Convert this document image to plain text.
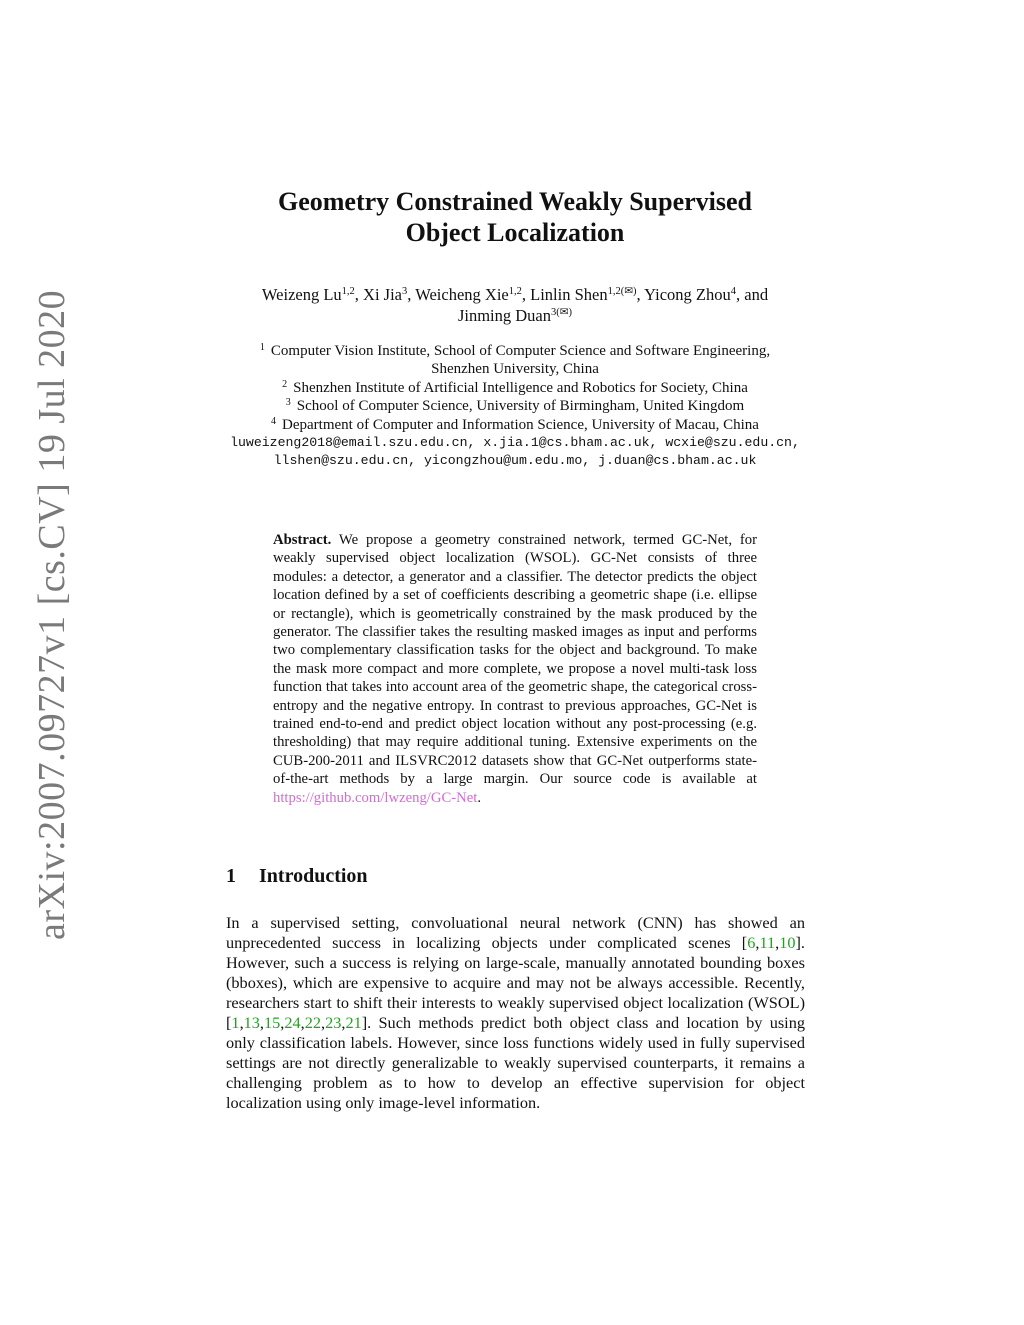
arXiv:2007.09727v1 [cs.CV] 19 Jul 2020
Geometry Constrained Weakly Supervised
Object Localization
Weizeng Lu$^{1,2}$, Xi Jia$^3$, Weicheng Xie$^{1,2}$, Linlin Shen$^{1,2(✉)}$, Yicong Zhou$^4$, and
Jinming Duan$^{3(✉)}$
$^1$ Computer Vision Institute, School of Computer Science and Software Engineering,
Shenzhen University, China
$^2$ Shenzhen Institute of Artificial Intelligence and Robotics for Society, China
$^3$ School of Computer Science, University of Birmingham, United Kingdom
$^4$ Department of Computer and Information Science, University of Macau, China
luweizeng2018@email.szu.edu.cn, x.jia.1@cs.bham.ac.uk, wcxie@szu.edu.cn,
llshen@szu.edu.cn, yicongzhou@um.edu.mo, j.duan@cs.bham.ac.uk
Abstract. We propose a geometry constrained network, termed GC-Net, for weakly supervised object localization (WSOL). GC-Net consists of three modules: a detector, a generator and a classifier. The detector predicts the object location defined by a set of coefficients describing a geometric shape (i.e. ellipse or rectangle), which is geometrically constrained by the mask produced by the generator. The classifier takes the resulting masked images as input and performs two complementary classification tasks for the object and background. To make the mask more compact and more complete, we propose a novel multi-task loss function that takes into account area of the geometric shape, the categorical cross-entropy and the negative entropy. In contrast to previous approaches, GC-Net is trained end-to-end and predict object location without any post-processing (e.g. thresholding) that may require additional tuning. Extensive experiments on the CUB-200-2011 and ILSVRC2012 datasets show that GC-Net outperforms state-of-the-art methods by a large margin. Our source code is available at https://github.com/lwzeng/GC-Net.
1 Introduction
In a supervised setting, convoluational neural network (CNN) has showed an unprecedented success in localizing objects under complicated scenes [6,11,10]. However, such a success is relying on large-scale, manually annotated bounding boxes (bboxes), which are expensive to acquire and may not be always accessible. Recently, researchers start to shift their interests to weakly supervised object localization (WSOL) [1,13,15,24,22,23,21]. Such methods predict both object class and location by using only classification labels. However, since loss functions widely used in fully supervised settings are not directly generalizable to weakly supervised counterparts, it remains a challenging problem as to how to develop an effective supervision for object localization using only image-level information.
